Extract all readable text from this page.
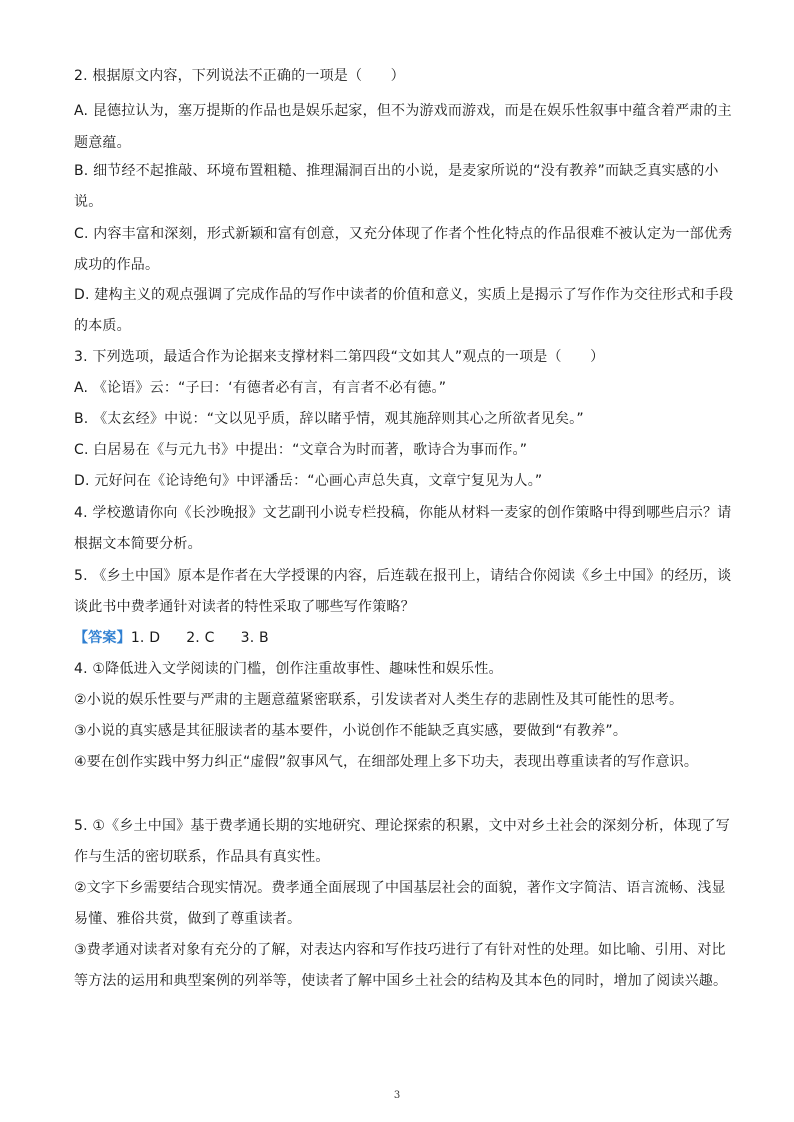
2. 根据原文内容，下列说法不正确的一项是（　　）
A. 昆德拉认为，塞万提斯的作品也是娱乐起家，但不为游戏而游戏，而是在娱乐性叙事中蕴含着严肃的主
题意蕴。
B. 细节经不起推敲、环境布置粗糙、推理漏洞百出的小说，是麦家所说的“没有教养”而缺乏真实感的小
说。
C. 内容丰富和深刻，形式新颖和富有创意，又充分体现了作者个性化特点的作品很难不被认定为一部优秀
成功的作品。
D. 建构主义的观点强调了完成作品的写作中读者的价值和意义，实质上是揭示了写作作为交往形式和手段
的本质。
3. 下列选项，最适合作为论据来支撑材料二第四段“文如其人”观点的一项是（　　）
A. 《论语》云：“子曰：‘有德者必有言，有言者不必有德。”
B. 《太玄经》中说：“文以见乎质，辞以睹乎情，观其施辞则其心之所欲者见矣。”
C. 白居易在《与元九书》中提出：“文章合为时而著，歌诗合为事而作。”
D. 元好问在《论诗绝句》中评潘岳：“心画心声总失真，文章宁复见为人。”
4. 学校邀请你向《长沙晚报》文艺副刊小说专栏投稿，你能从材料一麦家的创作策略中得到哪些启示？请
根据文本简要分析。
5. 《乡土中国》原本是作者在大学授课的内容，后连载在报刊上，请结合你阅读《乡土中国》的经历，谈
谈此书中费孝通针对读者的特性采取了哪些写作策略？
【答案】1. D 2. C 3. B
4. ①降低进入文学阅读的门槛，创作注重故事性、趣味性和娱乐性。
②小说的娱乐性要与严肃的主题意蕴紧密联系，引发读者对人类生存的悲剧性及其可能性的思考。
③小说的真实感是其征服读者的基本要件，小说创作不能缺乏真实感，要做到“有教养”。
④要在创作实践中努力纠正“虚假”叙事风气，在细部处理上多下功夫，表现出尊重读者的写作意识。
5. ①《乡土中国》基于费孝通长期的实地研究、理论探索的积累，文中对乡土社会的深刻分析，体现了写
作与生活的密切联系，作品具有真实性。
②文字下乡需要结合现实情况。费孝通全面展现了中国基层社会的面貌，著作文字简洁、语言流畅、浅显
易懂、雅俗共赏，做到了尊重读者。
③费孝通对读者对象有充分的了解，对表达内容和写作技巧进行了有针对性的处理。如比喻、引用、对比
等方法的运用和典型案例的列举等，使读者了解中国乡土社会的结构及其本色的同时，增加了阅读兴趣。
3
